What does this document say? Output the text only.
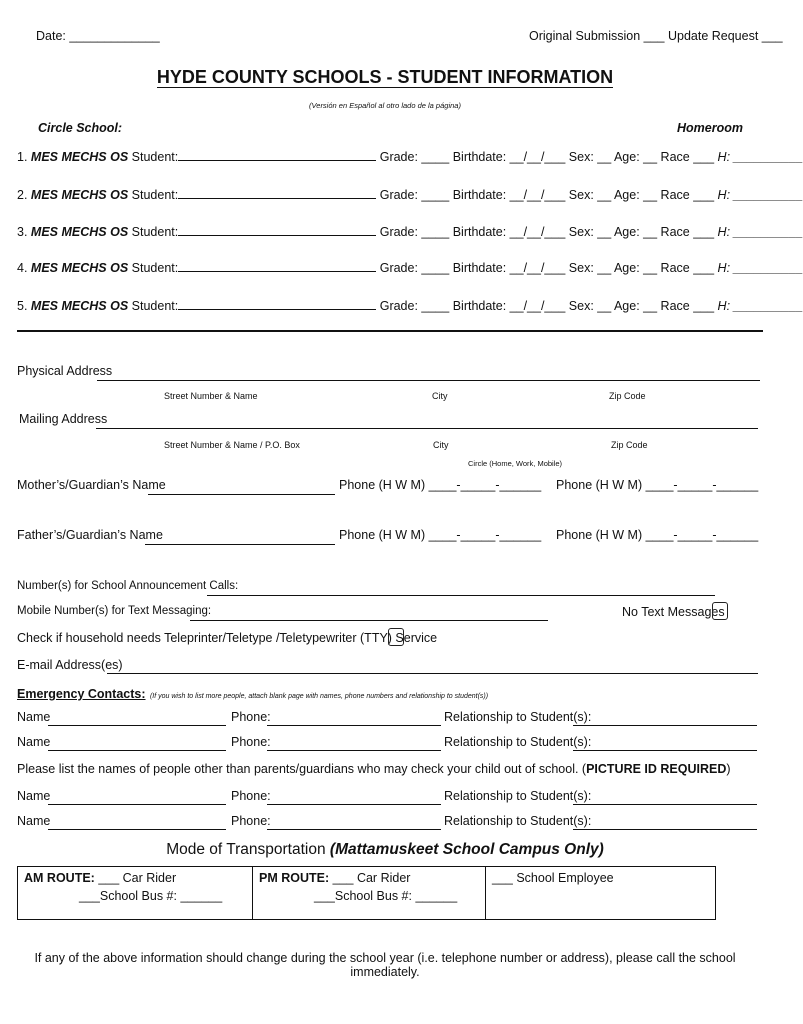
Date: _____________	Original Submission ___ Update Request ___
HYDE COUNTY SCHOOLS - STUDENT INFORMATION
(Versión en Español al otro lado de la página)
Circle School:	Homeroom
1. MES MECHS OS Student:	Grade: ____ Birthdate: __/__/___ Sex: __ Age: __ Race ___ H: __________
2. MES MECHS OS Student:	Grade: ____ Birthdate: __/__/___ Sex: __ Age: __ Race ___ H: __________
3. MES MECHS OS Student:	Grade: ____ Birthdate: __/__/___ Sex: __ Age: __ Race ___ H: __________
4. MES MECHS OS Student:	Grade: ____ Birthdate: __/__/___ Sex: __ Age: __ Race ___ H: __________
5. MES MECHS OS Student:	Grade: ____ Birthdate: __/__/___ Sex: __ Age: __ Race ___ H: __________
Physical Address
Street Number & Name	City	Zip Code
Mailing Address
Street Number & Name / P.O. Box	City	Zip Code
Circle (Home, Work, Mobile)
Mother’s/Guardian’s Name	Phone (H W M) ____-_____-______ Phone (H W M) ____-_____-______
Father’s/Guardian’s Name	Phone (H W M) ____-_____-______ Phone (H W M) ____-_____-______
Number(s) for School Announcement Calls:
Mobile Number(s) for Text Messaging:	No Text Messages
Check if household needs Teleprinter/Teletype /Teletypewriter (TTY) Service
E-mail Address(es)
Emergency Contacts: (If you wish to list more people, attach blank page with names, phone numbers and relationship to student(s))
Name	Phone:	Relationship to Student(s):
Name	Phone:	Relationship to Student(s):
Please list the names of people other than parents/guardians who may check your child out of school. (PICTURE ID REQUIRED)
Name	Phone:	Relationship to Student(s):
Name	Phone:	Relationship to Student(s):
Mode of Transportation (Mattamuskeet School Campus Only)
AM ROUTE: ___ Car Rider
___School Bus #: ______

PM ROUTE: ___ Car Rider
___School Bus #: ______

___ School Employee
If any of the above information should change during the school year (i.e. telephone number or address), please call the school immediately.
